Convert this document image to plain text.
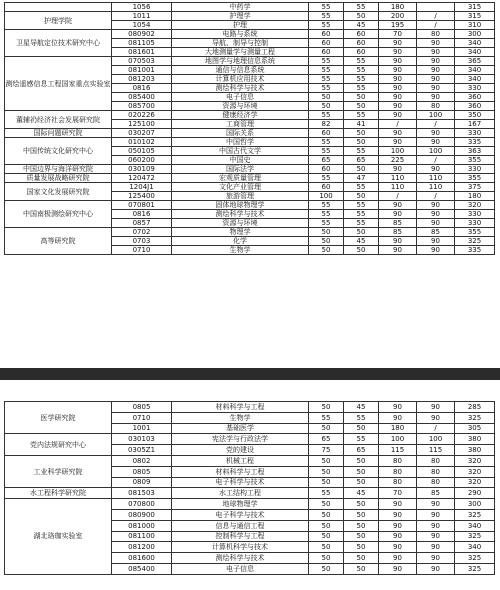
	1056	中药学	55	55	180		315
护理学院	1011	护理学	55	50	200	/	315
	1054	护理	55	45	195	/	310
卫星导航定位技术研究中心	080902	电路与系统	60	60	70	80	300
	081105	导航、制导与控制	60	60	90	90	340
	081601	大地测量学与测量工程	60	60	90	90	340
测绘遥感信息工程国家重点实验室	070503	地图学与地理信息系统	55	55	90	90	365
	081001	通信与信息系统	55	55	90	90	340
	081203	计算机应用技术	55	55	90	90	340
	0816	测绘科学与技术	55	55	90	90	330
	085400	电子信息	50	50	90	90	360
	085700	资源与环境	50	50	90	80	360
董辅礽经济社会发展研究院	020226	健康经济学	55	55	90	100	350
	125100	工商管理	82	41	/	/	167
国际问题研究院	030207	国际关系	60	50	90	90	330
中国传统文化研究中心	010102	中国哲学	55	50	90	90	335
	050105	中国古代文学	55	55	100	100	363
	060200	中国史	65	65	225	/	355
中国边界与海洋研究院	030109	国际法学	60	50	90	90	330
质量发展战略研究院	120472	宏观质量管理	55	47	110	110	355
国家文化发展研究院	1204J1	文化产业管理	60	55	110	110	375
	125400	旅游管理	100	50	/	/	180
中国南极测绘研究中心	070801	固体地球物理学	55	55	90	90	320
	0816	测绘科学与技术	55	55	90	90	330
	0857	资源与环境	55	55	85	90	330
高等研究院	0702	物理学	50	50	85	85	355
	0703	化学	50	45	90	90	325
	0710	生物学	50	50	90	90	335
医学研究院	0805	材料科学与工程	50	45	90	90	285
	0710	生物学	55	55	90	90	325
	1001	基础医学	50	50	180	/	305
党内法规研究中心	030103	宪法学与行政法学	65	55	100	100	380
	0305Z1	党的建设	75	65	115	115	380
工业科学研究院	0802	机械工程	50	50	80	80	320
	0805	材料科学与工程	50	50	80	80	320
	0809	电子科学与技术	50	50	80	80	320
水工程科学研究院	081503	水工结构工程	55	45	70	85	290
湖北珞珈实验室	070800	地球物理学	50	50	90	90	300
	080900	电子科学与技术	50	50	90	90	325
	081000	信息与通信工程	50	50	90	90	340
	081100	控制科学与工程	50	50	90	90	325
	081200	计算机科学与技术	50	50	90	90	340
	081600	测绘科学与技术	50	50	90	90	325
	085400	电子信息	50	50	90	90	325
